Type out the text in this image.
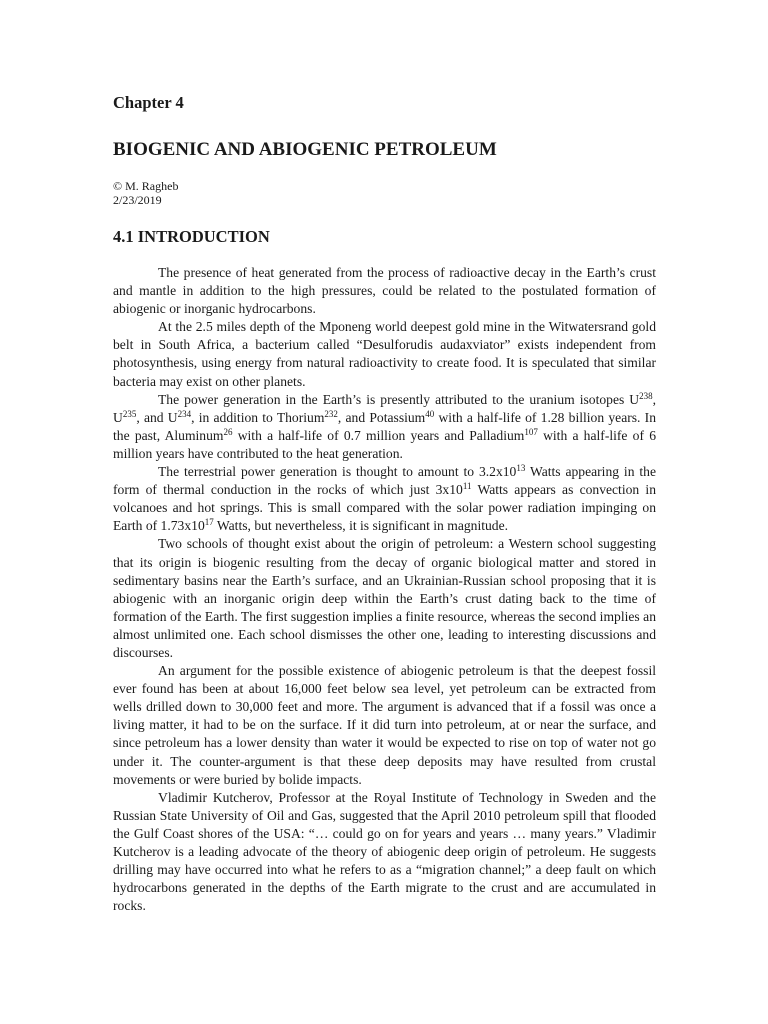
Chapter 4
BIOGENIC AND ABIOGENIC PETROLEUM
© M. Ragheb
2/23/2019
4.1 INTRODUCTION

The presence of heat generated from the process of radioactive decay in the Earth’s crust and mantle in addition to the high pressures, could be related to the postulated formation of abiogenic or inorganic hydrocarbons.

At the 2.5 miles depth of the Mponeng world deepest gold mine in the Witwatersrand gold belt in South Africa, a bacterium called “Desulforudis audaxviator” exists independent from photosynthesis, using energy from natural radioactivity to create food. It is speculated that similar bacteria may exist on other planets.

The power generation in the Earth’s is presently attributed to the uranium isotopes $U^{238}$, $U^{235}$, and $U^{234}$, in addition to Thorium$^{232}$, and Potassium$^{40}$ with a half-life of 1.28 billion years. In the past, Aluminum$^{26}$ with a half-life of 0.7 million years and Palladium$^{107}$ with a half-life of 6 million years have contributed to the heat generation.

The terrestrial power generation is thought to amount to $3.2x10^{13}$ Watts appearing in the form of thermal conduction in the rocks of which just $3x10^{11}$ Watts appears as convection in volcanoes and hot springs. This is small compared with the solar power radiation impinging on Earth of $1.73x10^{17}$ Watts, but nevertheless, it is significant in magnitude.

Two schools of thought exist about the origin of petroleum: a Western school suggesting that its origin is biogenic resulting from the decay of organic biological matter and stored in sedimentary basins near the Earth’s surface, and an Ukrainian-Russian school proposing that it is abiogenic with an inorganic origin deep within the Earth’s crust dating back to the time of formation of the Earth. The first suggestion implies a finite resource, whereas the second implies an almost unlimited one. Each school dismisses the other one, leading to interesting discussions and discourses.

An argument for the possible existence of abiogenic petroleum is that the deepest fossil ever found has been at about 16,000 feet below sea level, yet petroleum can be extracted from wells drilled down to 30,000 feet and more. The argument is advanced that if a fossil was once a living matter, it had to be on the surface. If it did turn into petroleum, at or near the surface, and since petroleum has a lower density than water it would be expected to rise on top of water not go under it. The counter-argument is that these deep deposits may have resulted from crustal movements or were buried by bolide impacts.

Vladimir Kutcherov, Professor at the Royal Institute of Technology in Sweden and the Russian State University of Oil and Gas, suggested that the April 2010 petroleum spill that flooded the Gulf Coast shores of the USA: “… could go on for years and years … many years.” Vladimir Kutcherov is a leading advocate of the theory of abiogenic deep origin of petroleum. He suggests drilling may have occurred into what he refers to as a “migration channel;” a deep fault on which hydrocarbons generated in the depths of the Earth migrate to the crust and are accumulated in rocks.
